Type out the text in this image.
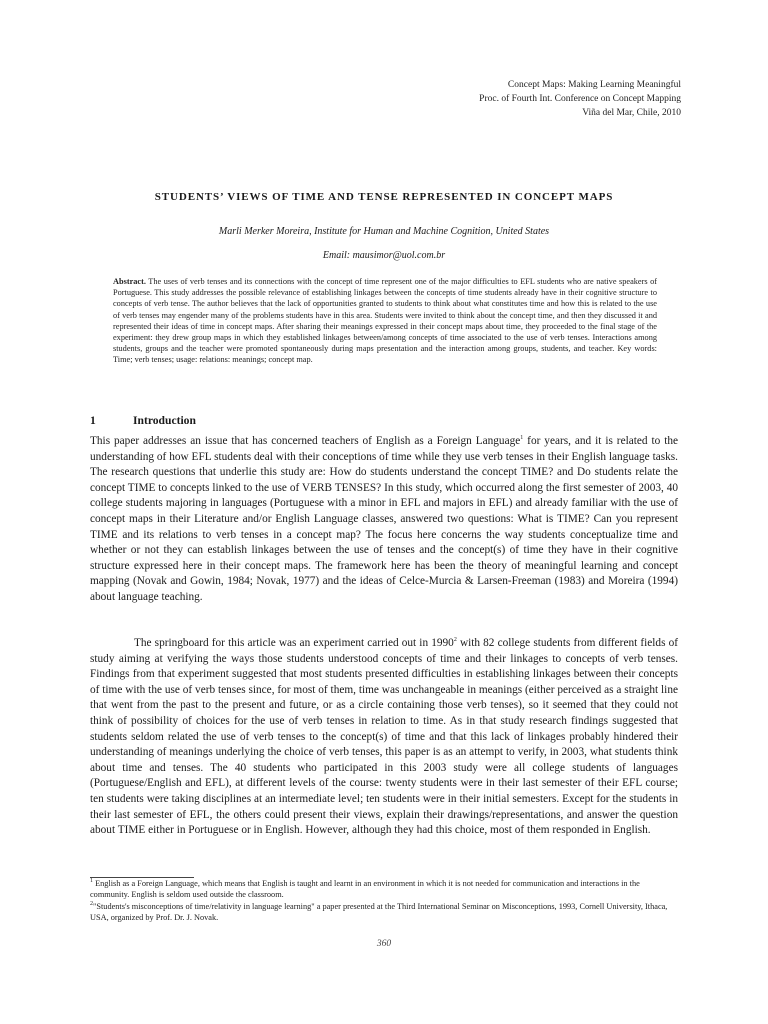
Concept Maps: Making Learning Meaningful
Proc. of Fourth Int. Conference on Concept Mapping
Viña del Mar, Chile, 2010
STUDENTS’ VIEWS OF TIME AND TENSE REPRESENTED IN CONCEPT MAPS
Marli Merker Moreira, Institute for Human and Machine Cognition, United States
Email: mausimor@uol.com.br
Abstract. The uses of verb tenses and its connections with the concept of time represent one of the major difficulties to EFL students who are native speakers of Portuguese. This study addresses the possible relevance of establishing linkages between the concepts of time students already have in their cognitive structure to concepts of verb tense. The author believes that the lack of opportunities granted to students to think about what constitutes time and how this is related to the use of verb tenses may engender many of the problems students have in this area. Students were invited to think about the concept time, and then they discussed it and represented their ideas of time in concept maps. After sharing their meanings expressed in their concept maps about time, they proceeded to the final stage of the experiment: they drew group maps in which they established linkages between/among concepts of time associated to the use of verb tenses. Interactions among students, groups and the teacher were promoted spontaneously during maps presentation and the interaction among groups, students, and teacher. Key words: Time; verb tenses; usage: relations: meanings; concept map.
1	Introduction

This paper addresses an issue that has concerned teachers of English as a Foreign Language$^1$ for years, and it is related to the understanding of how EFL students deal with their conceptions of time while they use verb tenses in their English language tasks. The research questions that underlie this study are: How do students understand the concept TIME? and Do students relate the concept TIME to concepts linked to the use of VERB TENSES? In this study, which occurred along the first semester of 2003, 40 college students majoring in languages (Portuguese with a minor in EFL and majors in EFL) and already familiar with the use of concept maps in their Literature and/or English Language classes, answered two questions: What is TIME? Can you represent TIME and its relations to verb tenses in a concept map? The focus here concerns the way students conceptualize time and whether or not they can establish linkages between the use of tenses and the concept(s) of time they have in their cognitive structure expressed here in their concept maps. The framework here has been the theory of meaningful learning and concept mapping (Novak and Gowin, 1984; Novak, 1977) and the ideas of Celce-Murcia & Larsen-Freeman (1983) and Moreira (1994) about language teaching.

The springboard for this article was an experiment carried out in 1990$^2$ with 82 college students from different fields of study aiming at verifying the ways those students understood concepts of time and their linkages to concepts of verb tenses. Findings from that experiment suggested that most students presented difficulties in establishing linkages between their concepts of time with the use of verb tenses since, for most of them, time was unchangeable in meanings (either perceived as a straight line that went from the past to the present and future, or as a circle containing those verb tenses), so it seemed that they could not think of possibility of choices for the use of verb tenses in relation to time. As in that study research findings suggested that students seldom related the use of verb tenses to the concept(s) of time and that this lack of linkages probably hindered their understanding of meanings underlying the choice of verb tenses, this paper is as an attempt to verify, in 2003, what students think about time and tenses. The 40 students who participated in this 2003 study were all college students of languages (Portuguese/English and EFL), at different levels of the course: twenty students were in their last semester of their EFL course; ten students were taking disciplines at an intermediate level; ten students were in their initial semesters. Except for the students in their last semester of EFL, the others could present their views, explain their drawings/representations, and answer the question about TIME either in Portuguese or in English. However, although they had this choice, most of them responded in English.

$^1$ English as a Foreign Language, which means that English is taught and learnt in an environment in which it is not needed for communication and interactions in the community. English is seldom used outside the classroom.
$^2$"Students's misconceptions of time/relativity in language learning" a paper presented at the Third International Seminar on Misconceptions, 1993, Cornell University, Ithaca, USA, organized by Prof. Dr. J. Novak.
360
